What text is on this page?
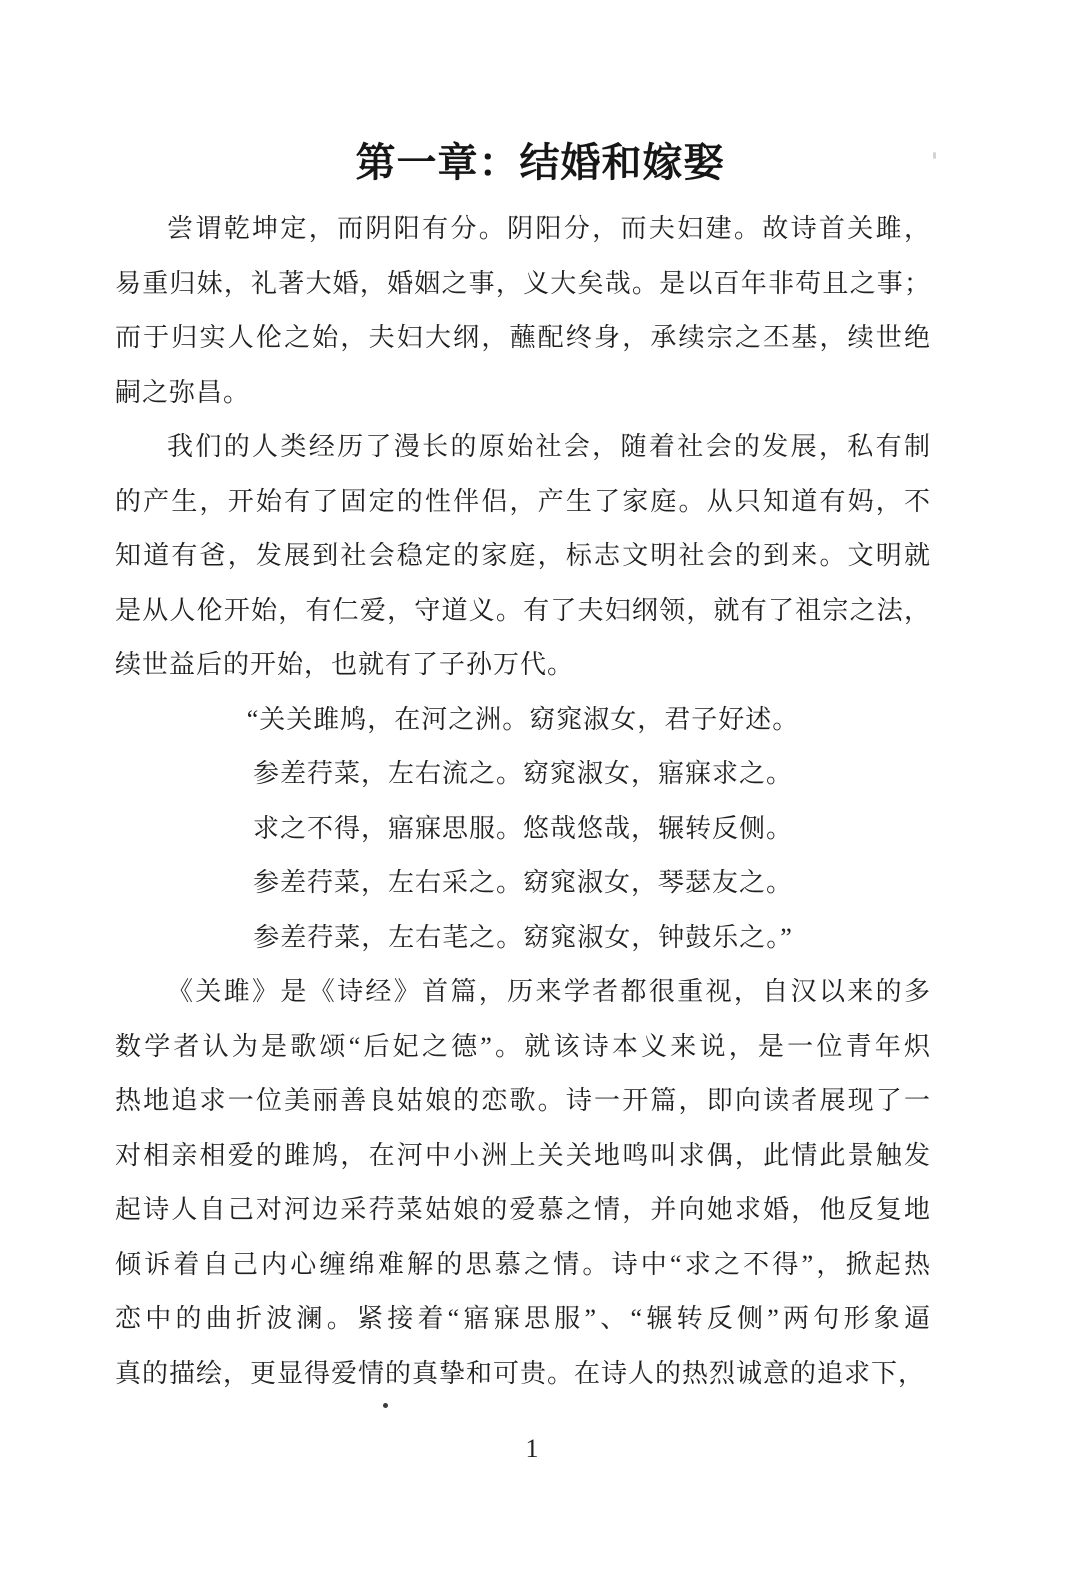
第一章：结婚和嫁娶
尝谓乾坤定，而阴阳有分。阴阳分，而夫妇建。故诗首关雎，
易重归妹，礼著大婚，婚姻之事，义大矣哉。是以百年非苟且之事；
而于归实人伦之始，夫妇大纲，蘸配终身，承续宗之丕基，续世绝
嗣之弥昌。
我们的人类经历了漫长的原始社会，随着社会的发展，私有制
的产生，开始有了固定的性伴侣，产生了家庭。从只知道有妈，不
知道有爸，发展到社会稳定的家庭，标志文明社会的到来。文明就
是从人伦开始，有仁爱，守道义。有了夫妇纲领，就有了祖宗之法，
续世益后的开始，也就有了子孙万代。
“关关雎鸠，在河之洲。窈窕淑女，君子好述。
参差荇菜，左右流之。窈窕淑女，寤寐求之。
求之不得，寤寐思服。悠哉悠哉，辗转反侧。
参差荇菜，左右采之。窈窕淑女，琴瑟友之。
参差荇菜，左右芼之。窈窕淑女，钟鼓乐之。”
《关雎》是《诗经》首篇，历来学者都很重视，自汉以来的多
数学者认为是歌颂“后妃之德”。就该诗本义来说，是一位青年炽
热地追求一位美丽善良姑娘的恋歌。诗一开篇，即向读者展现了一
对相亲相爱的雎鸠，在河中小洲上关关地鸣叫求偶，此情此景触发
起诗人自己对河边采荇菜姑娘的爱慕之情，并向她求婚，他反复地
倾诉着自己内心缠绵难解的思慕之情。诗中“求之不得”，掀起热
恋中的曲折波澜。紧接着“寤寐思服”、“辗转反侧”两句形象逼
真的描绘，更显得爱情的真挚和可贵。在诗人的热烈诚意的追求下，
1
